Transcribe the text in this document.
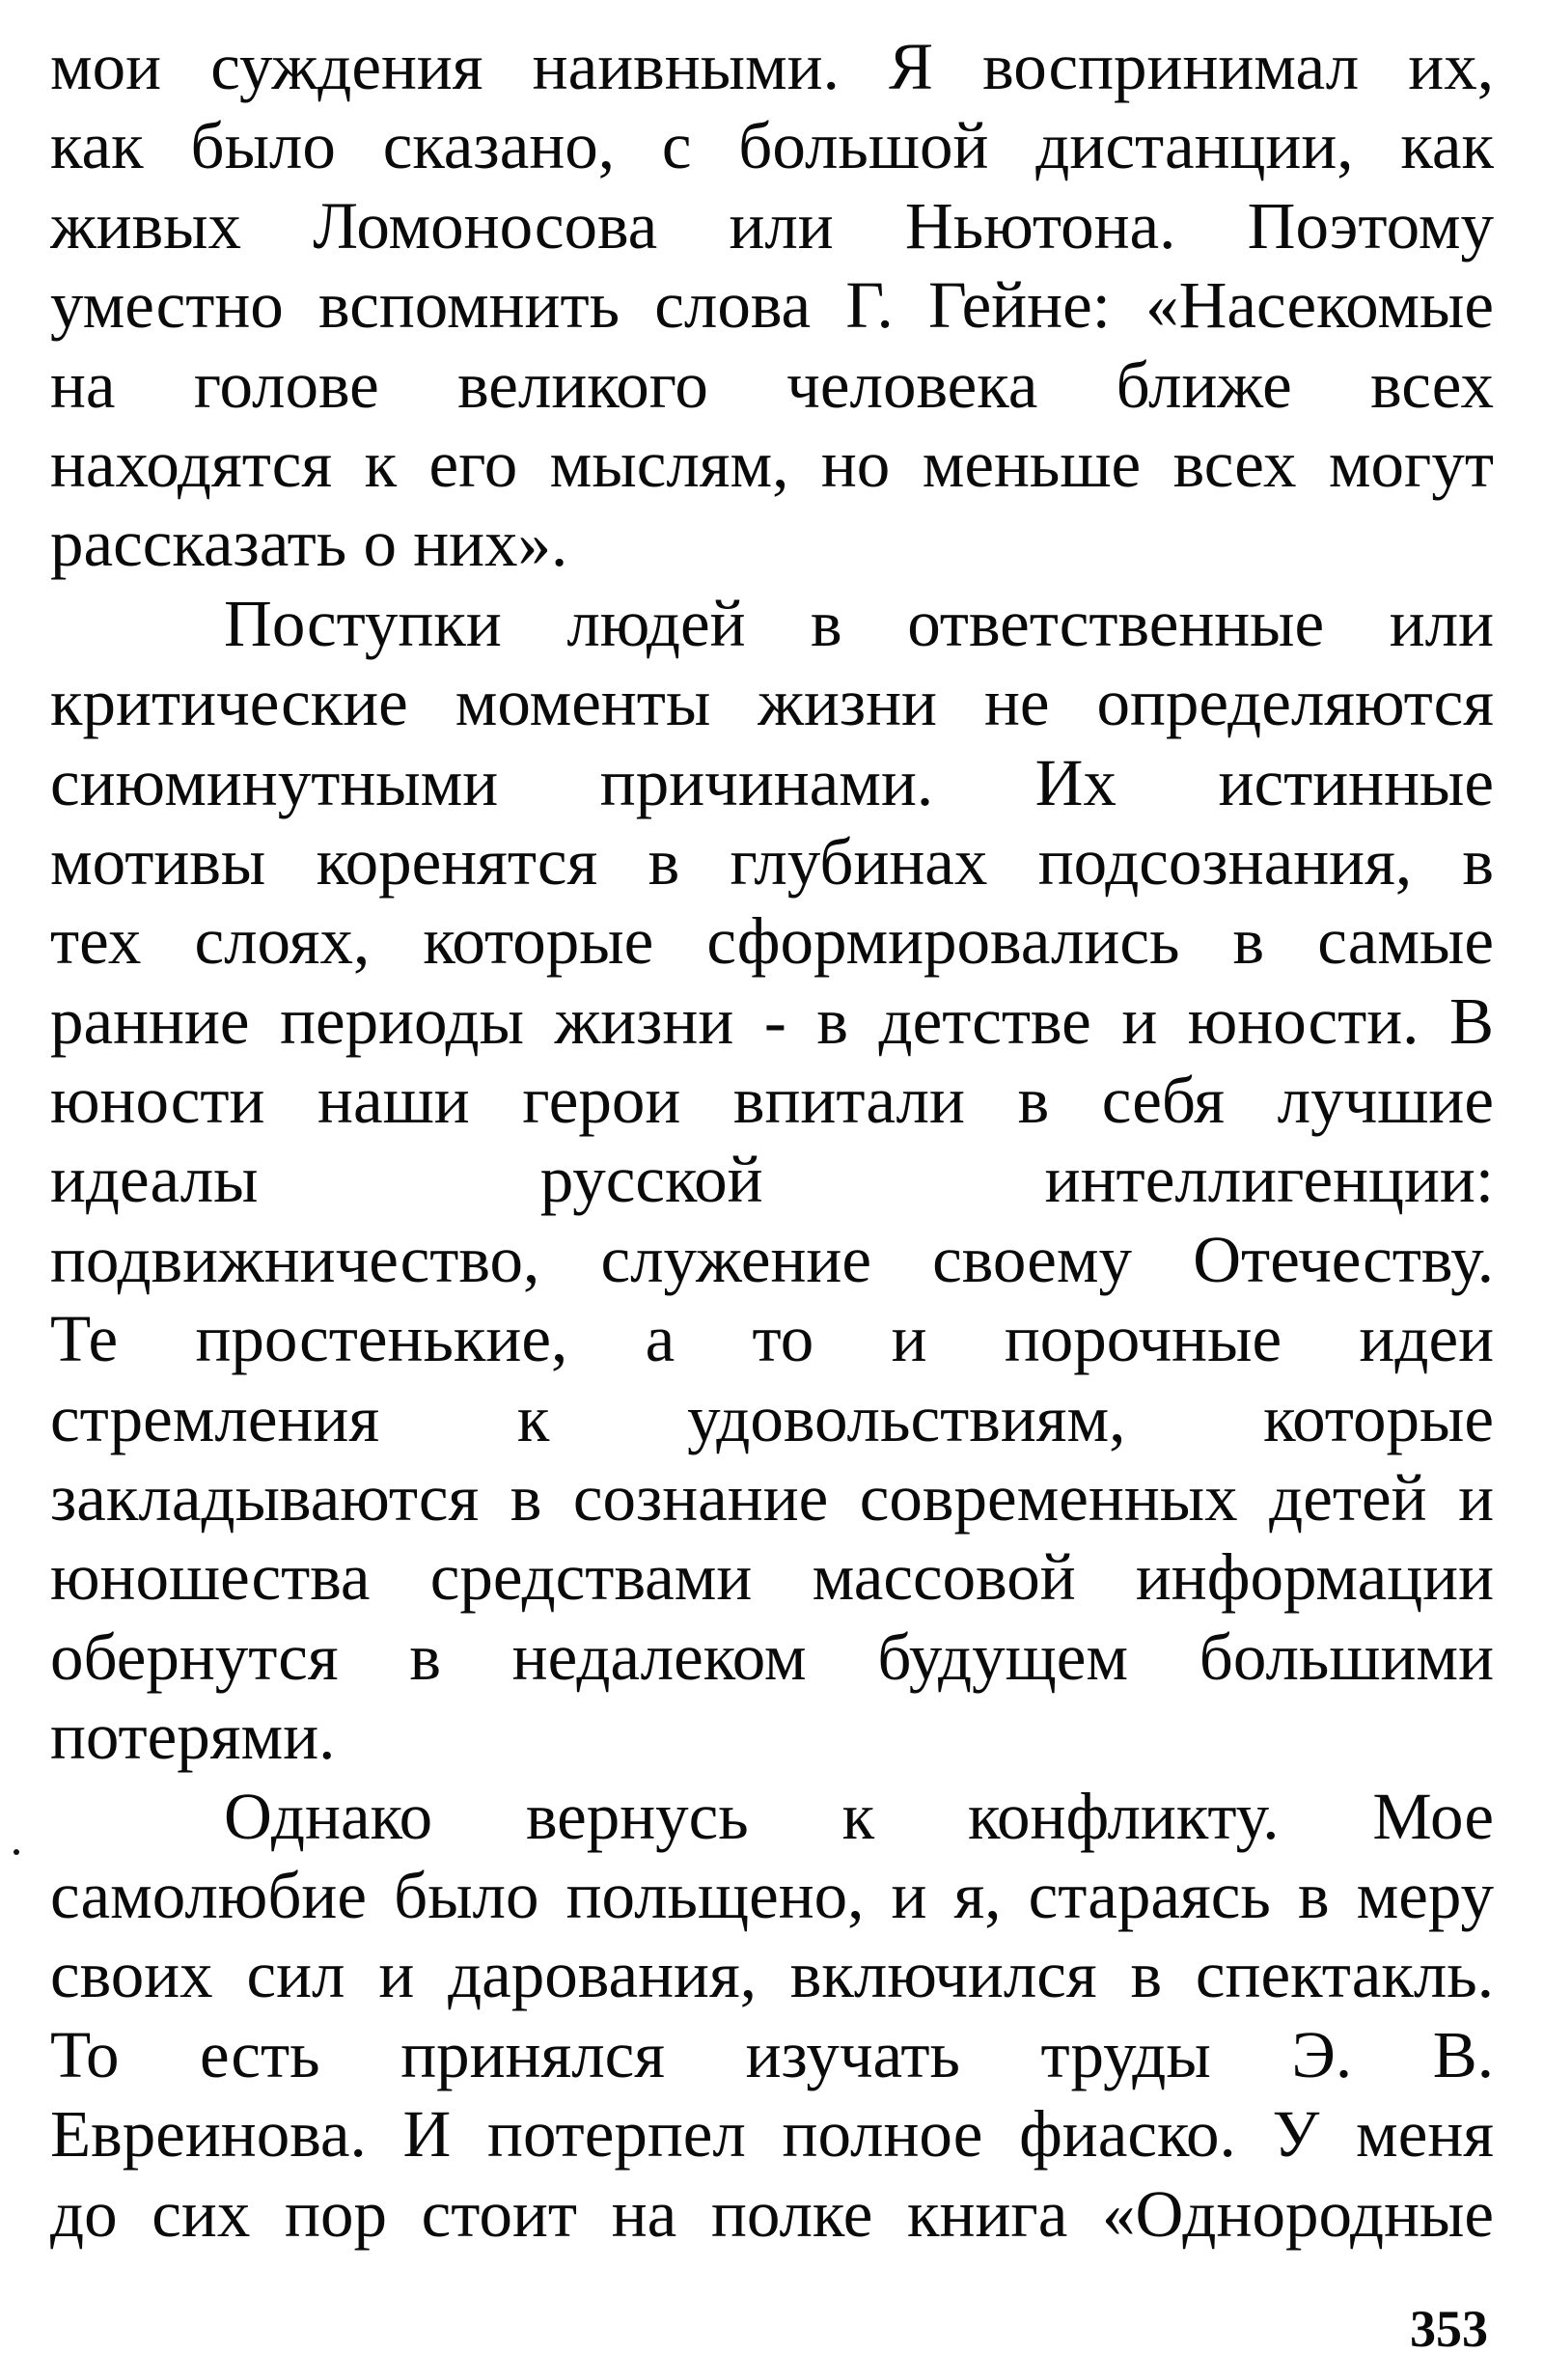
мои суждения наивными. Я воспринимал их,
как было сказано, с большой дистанции, как
живых Ломоносова или Ньютона. Поэтому
уместно вспомнить слова Г. Гейне: «Насекомые
на голове великого человека ближе всех
находятся к его мыслям, но меньше всех могут
рассказать о них».
Поступки людей в ответственные или
критические моменты жизни не определяются
сиюминутными причинами. Их истинные
мотивы коренятся в глубинах подсознания, в
тех слоях, которые сформировались в самые
ранние периоды жизни - в детстве и юности. В
юности наши герои впитали в себя лучшие
идеалы русской интеллигенции:
подвижничество, служение своему Отечеству.
Те простенькие, а то и порочные идеи
стремления к удовольствиям, которые
закладываются в сознание современных детей и
юношества средствами массовой информации
обернутся в недалеком будущем большими
потерями.
Однако вернусь к конфликту. Мое
самолюбие было польщено, и я, стараясь в меру
своих сил и дарования, включился в спектакль.
То есть принялся изучать труды Э. В.
Евреинова. И потерпел полное фиаско. У меня
до сих пор стоит на полке книга «Однородные
353
